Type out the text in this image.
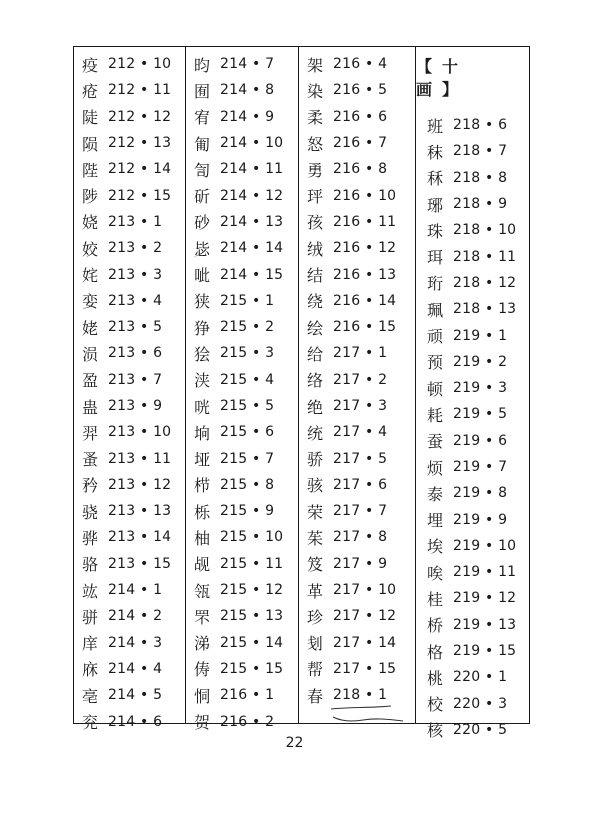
疫 212 • 10
疮 212 • 11
陡 212 • 12
陨 212 • 13
陛 212 • 14
陟 212 • 15
娆 213 • 1
姣 213 • 2
姹 213 • 3
娈 213 • 4
姥 213 • 5
涢 213 • 6
盈 213 • 7
蛊 213 • 9
羿 213 • 10
蚤 213 • 11
矜 213 • 12
骁 213 • 13
骅 213 • 14
骆 213 • 15
竑 214 • 1
骈 214 • 2
庠 214 • 3
庥 214 • 4
亳 214 • 5
兖 214 • 6
昀 214 • 7
囿 214 • 8
宥 214 • 9
匍 214 • 10
訇 214 • 11
斫 214 • 12
砂 214 • 13
毖 214 • 14
呲 214 • 15
狭 215 • 1
狰 215 • 2
狯 215 • 3
浃 215 • 4
咣 215 • 5
垧 215 • 6
垭 215 • 7
栉 215 • 8
栎 215 • 9
柚 215 • 10
觇 215 • 11
瓴 215 • 12
罘 215 • 13
涕 215 • 14
俦 215 • 15
恫 216 • 1
贺 216 • 2
架 216 • 4
染 216 • 5
柔 216 • 6
怒 216 • 7
勇 216 • 8
玶 216 • 10
孩 216 • 11
绒 216 • 12
结 216 • 13
绕 216 • 14
绘 216 • 15
给 217 • 1
络 217 • 2
绝 217 • 3
统 217 • 4
骄 217 • 5
骇 217 • 6
荣 217 • 7
茱 217 • 8
笈 217 • 9
革 217 • 10
珍 217 • 12
刬 217 • 14
帮 217 • 15
春 218 • 1
【十 画】
班 218 • 6
秣 218 • 7
秝 218 • 8
琊 218 • 9
珠 218 • 10
珥 218 • 11
珩 218 • 12
珮 218 • 13
顽 219 • 1
预 219 • 2
顿 219 • 3
耗 219 • 5
蚕 219 • 6
烦 219 • 7
泰 219 • 8
埋 219 • 9
埃 219 • 10
唉 219 • 11
桂 219 • 12
桥 219 • 13
格 219 • 15
桃 220 • 1
校 220 • 3
核 220 • 5
22
